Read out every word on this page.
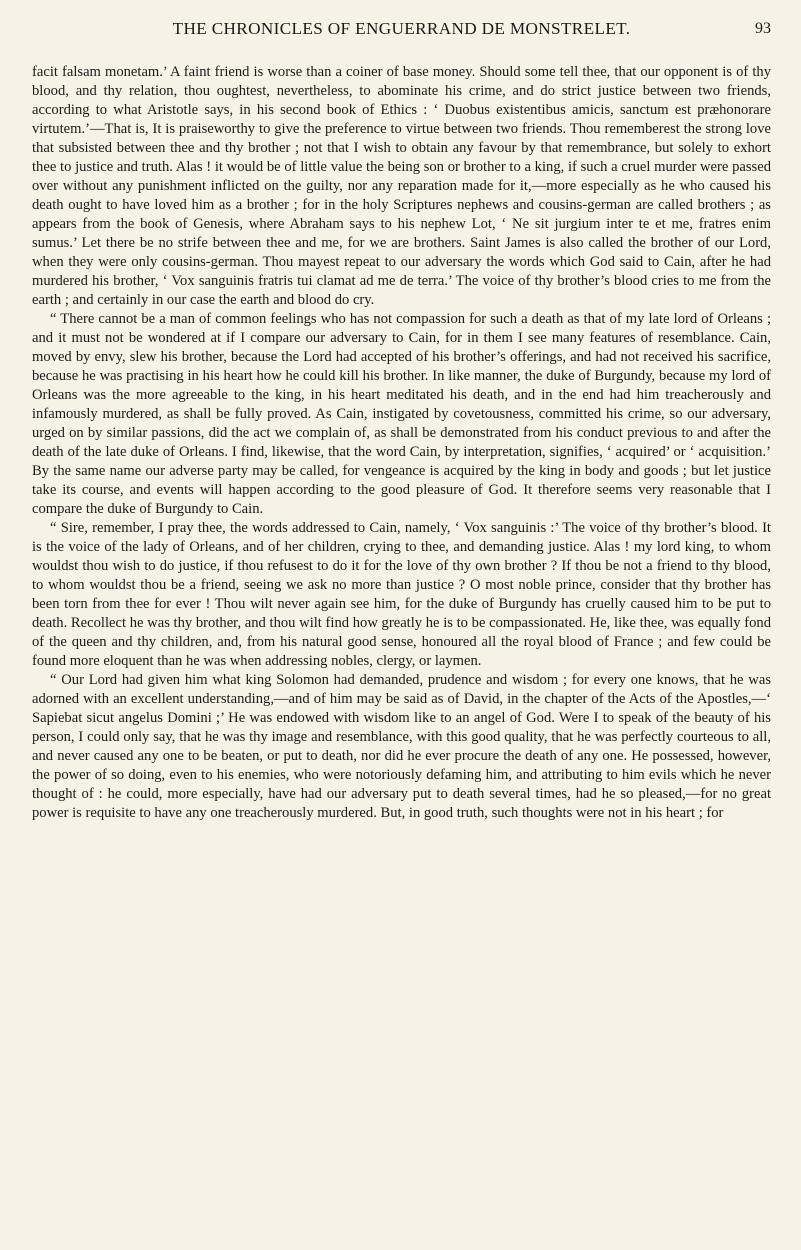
THE CHRONICLES OF ENGUERRAND DE MONSTRELET.	93

facit falsam monetam.’ A faint friend is worse than a coiner of base money. Should some tell thee, that our opponent is of thy blood, and thy relation, thou oughtest, nevertheless, to abominate his crime, and do strict justice between two friends, according to what Aristotle says, in his second book of Ethics : ‘ Duobus existentibus amicis, sanctum est præhonorare virtutem.’—That is, It is praiseworthy to give the preference to virtue between two friends. Thou rememberest the strong love that subsisted between thee and thy brother ; not that I wish to obtain any favour by that remembrance, but solely to exhort thee to justice and truth. Alas ! it would be of little value the being son or brother to a king, if such a cruel murder were passed over without any punishment inflicted on the guilty, nor any reparation made for it,—more especially as he who caused his death ought to have loved him as a brother ; for in the holy Scriptures nephews and cousins-german are called brothers ; as appears from the book of Genesis, where Abraham says to his nephew Lot, ‘ Ne sit jurgium inter te et me, fratres enim sumus.’ Let there be no strife between thee and me, for we are brothers. Saint James is also called the brother of our Lord, when they were only cousins-german. Thou mayest repeat to our adversary the words which God said to Cain, after he had murdered his brother, ‘ Vox sanguinis fratris tui clamat ad me de terra.’ The voice of thy brother’s blood cries to me from the earth ; and certainly in our case the earth and blood do cry.

“ There cannot be a man of common feelings who has not compassion for such a death as that of my late lord of Orleans ; and it must not be wondered at if I compare our adversary to Cain, for in them I see many features of resemblance. Cain, moved by envy, slew his brother, because the Lord had accepted of his brother’s offerings, and had not received his sacrifice, because he was practising in his heart how he could kill his brother. In like manner, the duke of Burgundy, because my lord of Orleans was the more agreeable to the king, in his heart meditated his death, and in the end had him treacherously and infamously murdered, as shall be fully proved. As Cain, instigated by covetousness, committed his crime, so our adversary, urged on by similar passions, did the act we complain of, as shall be demonstrated from his conduct previous to and after the death of the late duke of Orleans. I find, likewise, that the word Cain, by interpretation, signifies, ‘ acquired’ or ‘ acquisition.’ By the same name our adverse party may be called, for vengeance is acquired by the king in body and goods ; but let justice take its course, and events will happen according to the good pleasure of God. It therefore seems very reasonable that I compare the duke of Burgundy to Cain.

“ Sire, remember, I pray thee, the words addressed to Cain, namely, ‘ Vox sanguinis :’ The voice of thy brother’s blood. It is the voice of the lady of Orleans, and of her children, crying to thee, and demanding justice. Alas ! my lord king, to whom wouldst thou wish to do justice, if thou refusest to do it for the love of thy own brother ? If thou be not a friend to thy blood, to whom wouldst thou be a friend, seeing we ask no more than justice ? O most noble prince, consider that thy brother has been torn from thee for ever ! Thou wilt never again see him, for the duke of Burgundy has cruelly caused him to be put to death. Recollect he was thy brother, and thou wilt find how greatly he is to be compassionated. He, like thee, was equally fond of the queen and thy children, and, from his natural good sense, honoured all the royal blood of France ; and few could be found more eloquent than he was when addressing nobles, clergy, or laymen.

“ Our Lord had given him what king Solomon had demanded, prudence and wisdom ; for every one knows, that he was adorned with an excellent understanding,—and of him may be said as of David, in the chapter of the Acts of the Apostles,—‘ Sapiebat sicut angelus Domini ;’ He was endowed with wisdom like to an angel of God. Were I to speak of the beauty of his person, I could only say, that he was thy image and resemblance, with this good quality, that he was perfectly courteous to all, and never caused any one to be beaten, or put to death, nor did he ever procure the death of any one. He possessed, however, the power of so doing, even to his enemies, who were notoriously defaming him, and attributing to him evils which he never thought of : he could, more especially, have had our adversary put to death several times, had he so pleased,—for no great power is requisite to have any one treacherously murdered. But, in good truth, such thoughts were not in his heart ; for
